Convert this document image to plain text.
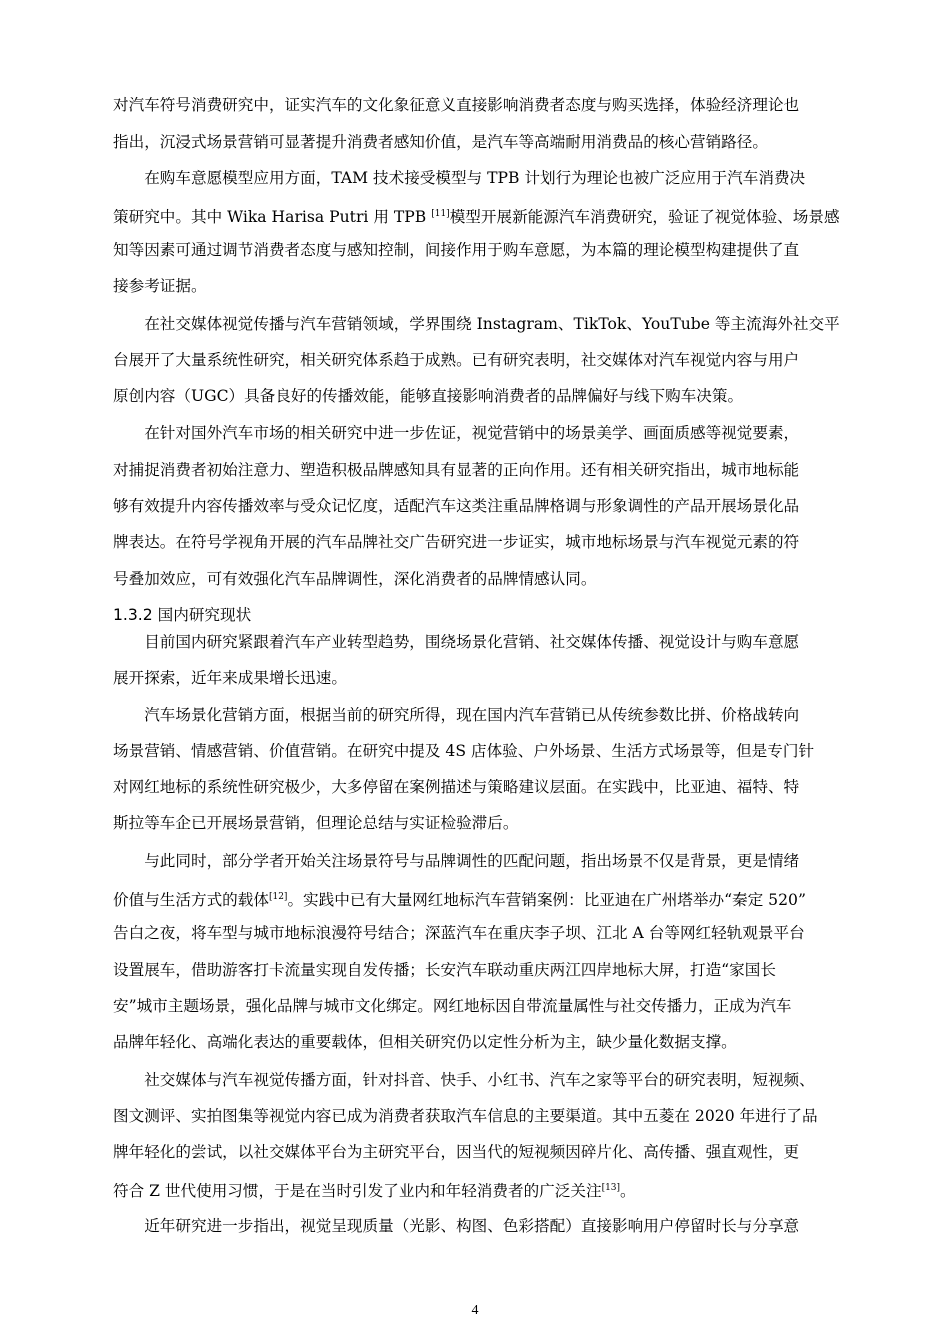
对汽车符号消费研究中，证实汽车的文化象征意义直接影响消费者态度与购买选择，体验经济理论也
指出，沉浸式场景营销可显著提升消费者感知价值，是汽车等高端耐用消费品的核心营销路径。
　　在购车意愿模型应用方面，TAM 技术接受模型与 TPB 计划行为理论也被广泛应用于汽车消费决
策研究中。其中 Wika Harisa Putri 用 TPB [11]模型开展新能源汽车消费研究，验证了视觉体验、场景感
知等因素可通过调节消费者态度与感知控制，间接作用于购车意愿，为本篇的理论模型构建提供了直
接参考证据。
　　在社交媒体视觉传播与汽车营销领域，学界围绕 Instagram、TikTok、YouTube 等主流海外社交平
台展开了大量系统性研究，相关研究体系趋于成熟。已有研究表明，社交媒体对汽车视觉内容与用户
原创内容（UGC）具备良好的传播效能，能够直接影响消费者的品牌偏好与线下购车决策。
　　在针对国外汽车市场的相关研究中进一步佐证，视觉营销中的场景美学、画面质感等视觉要素，
对捕捉消费者初始注意力、塑造积极品牌感知具有显著的正向作用。还有相关研究指出，城市地标能
够有效提升内容传播效率与受众记忆度，适配汽车这类注重品牌格调与形象调性的产品开展场景化品
牌表达。在符号学视角开展的汽车品牌社交广告研究进一步证实，城市地标场景与汽车视觉元素的符
号叠加效应，可有效强化汽车品牌调性，深化消费者的品牌情感认同。
1.3.2 国内研究现状
　　目前国内研究紧跟着汽车产业转型趋势，围绕场景化营销、社交媒体传播、视觉设计与购车意愿
展开探索，近年来成果增长迅速。
　　汽车场景化营销方面，根据当前的研究所得，现在国内汽车营销已从传统参数比拼、价格战转向
场景营销、情感营销、价值营销。在研究中提及 4S 店体验、户外场景、生活方式场景等，但是专门针
对网红地标的系统性研究极少，大多停留在案例描述与策略建议层面。在实践中，比亚迪、福特、特
斯拉等车企已开展场景营销，但理论总结与实证检验滞后。
　　与此同时，部分学者开始关注场景符号与品牌调性的匹配问题，指出场景不仅是背景，更是情绪
价值与生活方式的载体[12]。实践中已有大量网红地标汽车营销案例：比亚迪在广州塔举办“秦定 520”
告白之夜，将车型与城市地标浪漫符号结合；深蓝汽车在重庆李子坝、江北 A 台等网红轻轨观景平台
设置展车，借助游客打卡流量实现自发传播；长安汽车联动重庆两江四岸地标大屏，打造“家国长
安”城市主题场景，强化品牌与城市文化绑定。网红地标因自带流量属性与社交传播力，正成为汽车
品牌年轻化、高端化表达的重要载体，但相关研究仍以定性分析为主，缺少量化数据支撑。
　　社交媒体与汽车视觉传播方面，针对抖音、快手、小红书、汽车之家等平台的研究表明，短视频、
图文测评、实拍图集等视觉内容已成为消费者获取汽车信息的主要渠道。其中五菱在 2020 年进行了品
牌年轻化的尝试，以社交媒体平台为主研究平台，因当代的短视频因碎片化、高传播、强直观性，更
符合 Z 世代使用习惯，于是在当时引发了业内和年轻消费者的广泛关注[13]。
　　近年研究进一步指出，视觉呈现质量（光影、构图、色彩搭配）直接影响用户停留时长与分享意
4
